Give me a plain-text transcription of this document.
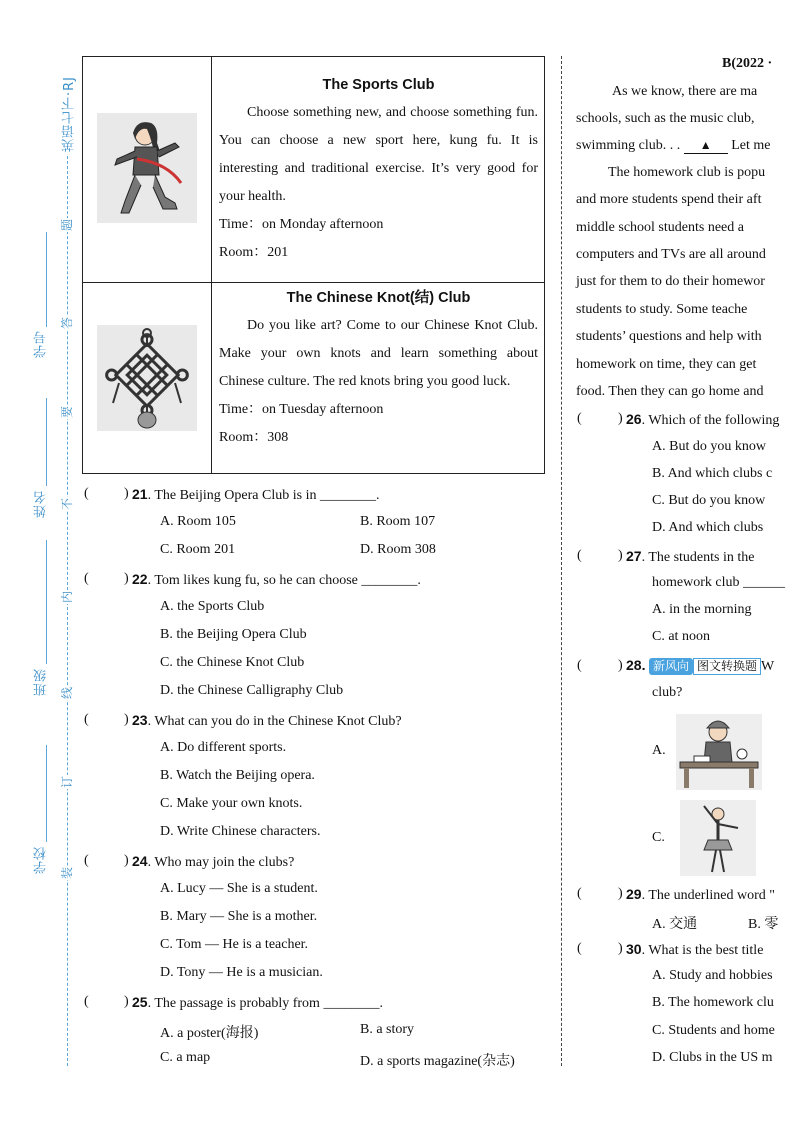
英语七下·RJ
学号
姓名
班级
学校
题
答
要
不
内
线
订
装
The Sports Club
Choose something new, and choose something fun. You can choose a new sport here, kung fu. It is interesting and traditional exercise. It’s very good for your health.
Time：on Monday afternoon
Room：201
The Chinese Knot(结) Club
Do you like art? Come to our Chinese Knot Club. Make your own knots and learn something about Chinese culture. The red knots bring you good luck.
Time：on Tuesday afternoon
Room：308
(	) 21. The Beijing Opera Club is in ________.
A. Room 105	B. Room 107
C. Room 201	D. Room 308
(	) 22. Tom likes kung fu, so he can choose ________.
A. the Sports Club
B. the Beijing Opera Club
C. the Chinese Knot Club
D. the Chinese Calligraphy Club
(	) 23. What can you do in the Chinese Knot Club?
A. Do different sports.
B. Watch the Beijing opera.
C. Make your own knots.
D. Write Chinese characters.
(	) 24. Who may join the clubs?
A. Lucy — She is a student.
B. Mary — She is a mother.
C. Tom — He is a teacher.
D. Tony — He is a musician.
(	) 25. The passage is probably from ________.
A. a poster(海报)	B. a story
C. a map	D. a sports magazine(杂志)
B(2022 ·
As we know, there are ma
schools, such as the music club,
swimming club. . . ▲ Let me
The homework club is popu
and more students spend their aft
middle school students need a
computers and TVs are all around
just for them to do their homewor
students to study. Some teache
students’ questions and help with
homework on time, they can get
food. Then they can go home and
(	) 26. Which of the following
A. But do you know
B. And which clubs c
C. But do you know
D. And which clubs
(	) 27. The students in the
homework club ______
A. in the morning
C. at noon
(	) 28. 新风向 图文转换题 W
club?
A.
C.
(	) 29. The underlined word "
A. 交通	B. 零
(	) 30. What is the best title
A. Study and hobbies
B. The homework clu
C. Students and home
D. Clubs in the US m
